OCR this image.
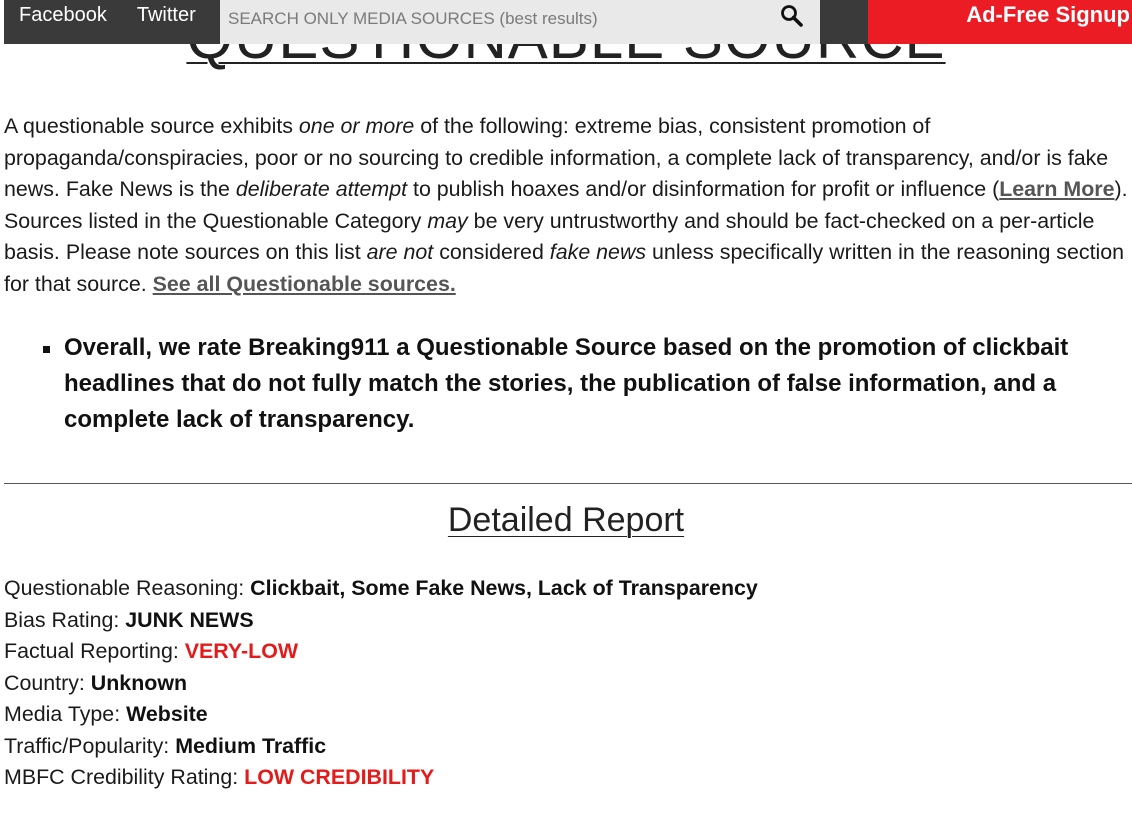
Facebook	Twitter
SEARCH ONLY MEDIA SOURCES (best results)	Ad-Free Signup

A questionable source exhibits one or more of the following: extreme bias, consistent promotion of propaganda/conspiracies, poor or no sourcing to credible information, a complete lack of transparency, and/or is fake news. Fake News is the deliberate attempt to publish hoaxes and/or disinformation for profit or influence (Learn More). Sources listed in the Questionable Category may be very untrustworthy and should be fact-checked on a per-article basis. Please note sources on this list are not considered fake news unless specifically written in the reasoning section for that source. See all Questionable sources.

Overall, we rate Breaking911 a Questionable Source based on the promotion of clickbait headlines that do not fully match the stories, the publication of false information, and a complete lack of transparency.
Detailed Report
Questionable Reasoning: Clickbait, Some Fake News, Lack of Transparency
Bias Rating: JUNK NEWS
Factual Reporting: VERY-LOW
Country: Unknown
Media Type: Website
Traffic/Popularity: Medium Traffic
MBFC Credibility Rating: LOW CREDIBILITY
